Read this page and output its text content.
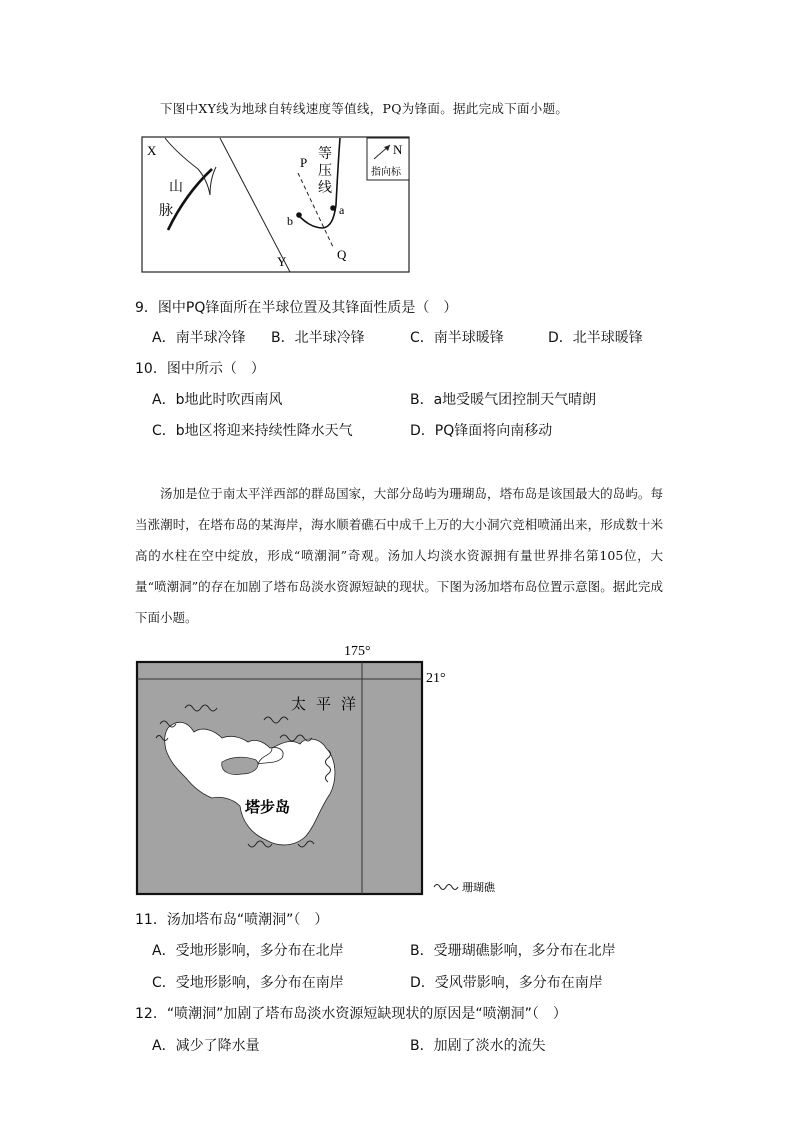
下图中XY线为地球自转线速度等值线，PQ为锋面。据此完成下面小题。
X
Y
P
Q
a
b
山
脉
等
压
线
N
指向标
9．图中PQ锋面所在半球位置及其锋面性质是（　）
A．南半球冷锋 B．北半球冷锋	C．南半球暖锋	D．北半球暖锋
10．图中所示（　）
A．b地此时吹西南风	B．a地受暖气团控制天气晴朗
C．b地区将迎来持续性降水天气	D．PQ锋面将向南移动
汤加是位于南太平洋西部的群岛国家，大部分岛屿为珊瑚岛，塔布岛是该国最大的岛屿。每当涨潮时，在塔布岛的某海岸，海水顺着礁石中成千上万的大小洞穴竞相喷涌出来，形成数十米高的水柱在空中绽放，形成“喷潮洞”奇观。汤加人均淡水资源拥有量世界排名第105位，大量“喷潮洞”的存在加剧了塔布岛淡水资源短缺的现状。下图为汤加塔布岛位置示意图。据此完成下面小题。
175°
21°
太 平 洋
塔步岛
珊瑚礁
11．汤加塔布岛“喷潮洞”（　）
A．受地形影响，多分布在北岸	B．受珊瑚礁影响，多分布在北岸
C．受地形影响，多分布在南岸	D．受风带影响，多分布在南岸
12．“喷潮洞”加剧了塔布岛淡水资源短缺现状的原因是“喷潮洞”（　）
A．减少了降水量	B．加剧了淡水的流失
